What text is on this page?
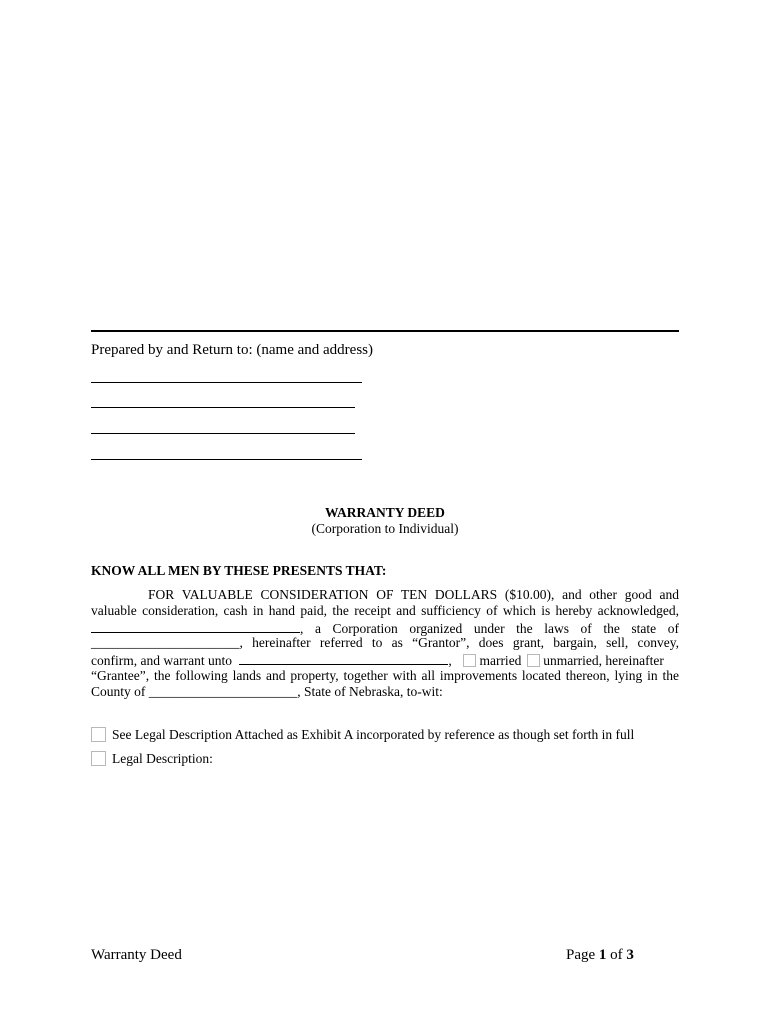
Prepared by and Return to: (name and address)
WARRANTY DEED
(Corporation to Individual)
KNOW ALL MEN BY THESE PRESENTS THAT:
FOR VALUABLE CONSIDERATION OF TEN DOLLARS ($10.00), and other good and
valuable consideration, cash in hand paid, the receipt and sufficiency of which is hereby acknowledged,
, a Corporation organized under the laws of the state of
______________________ , hereinafter referred to as “Grantor”, does grant, bargain, sell, convey,
confirm, and warrant unto	, married unmarried, hereinafter
“Grantee”, the following lands and property, together with all improvements located thereon, lying in the
County of ______________________, State of Nebraska, to-wit:
See Legal Description Attached as Exhibit A incorporated by reference as though set forth in full
Legal Description:
Warranty Deed	Page 1 of 3
